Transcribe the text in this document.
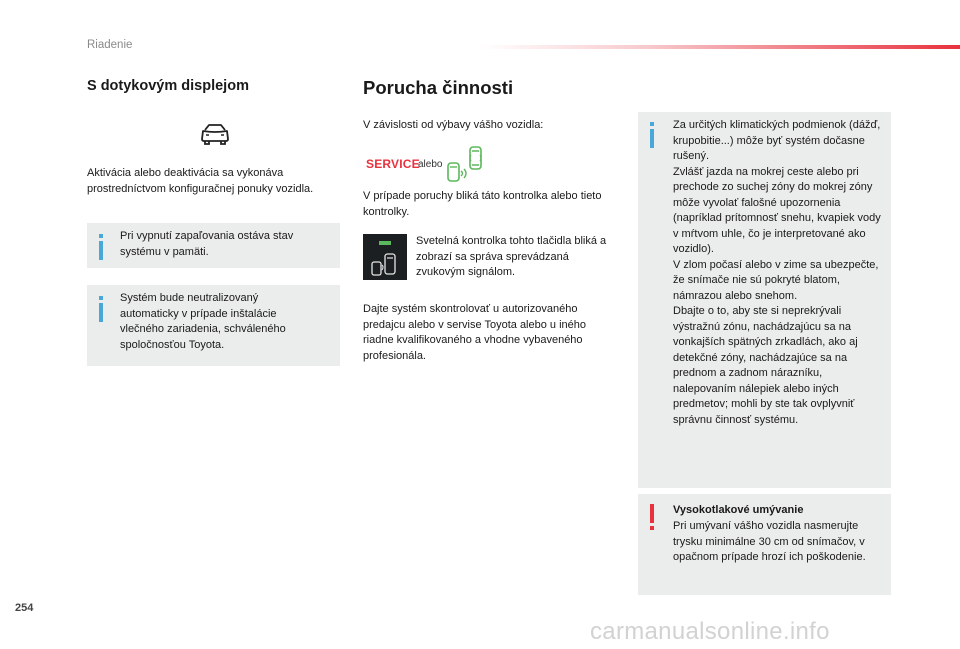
Riadenie
S dotykovým displejom
Aktivácia alebo deaktivácia sa vykonáva prostredníctvom konfiguračnej ponuky vozidla.
Pri vypnutí zapaľovania ostáva stav systému v pamäti.
Systém bude neutralizovaný automaticky v prípade inštalácie vlečného zariadenia, schváleného spoločnosťou Toyota.
Porucha činnosti
V závislosti od výbavy vášho vozidla:
SERVICE
alebo
V prípade poruchy bliká táto kontrolka alebo tieto kontrolky.
Svetelná kontrolka tohto tlačidla bliká a zobrazí sa správa sprevádzaná zvukovým signálom.
Dajte systém skontrolovať u autorizovaného predajcu alebo v servise Toyota alebo u iného riadne kvalifikovaného a vhodne vybaveného profesionála.
Za určitých klimatických podmienok (dážď, krupobitie...) môže byť systém dočasne rušený.
Zvlášť jazda na mokrej ceste alebo pri prechode zo suchej zóny do mokrej zóny môže vyvolať falošné upozornenia (napríklad prítomnosť snehu, kvapiek vody v mŕtvom uhle, čo je interpretované ako vozidlo).
V zlom počasí alebo v zime sa ubezpečte, že snímače nie sú pokryté blatom, námrazou alebo snehom.
Dbajte o to, aby ste si neprekrývali výstražnú zónu, nachádzajúcu sa na vonkajších spätných zrkadlách, ako aj detekčné zóny, nachádzajúce sa na prednom a zadnom nárazníku, nalepovaním nálepiek alebo iných predmetov; mohli by ste tak ovplyvniť správnu činnosť systému.
Vysokotlakové umývanie
Pri umývaní vášho vozidla nasmerujte trysku minimálne 30 cm od snímačov, v opačnom prípade hrozí ich poškodenie.
254
carmanualsonline.info
